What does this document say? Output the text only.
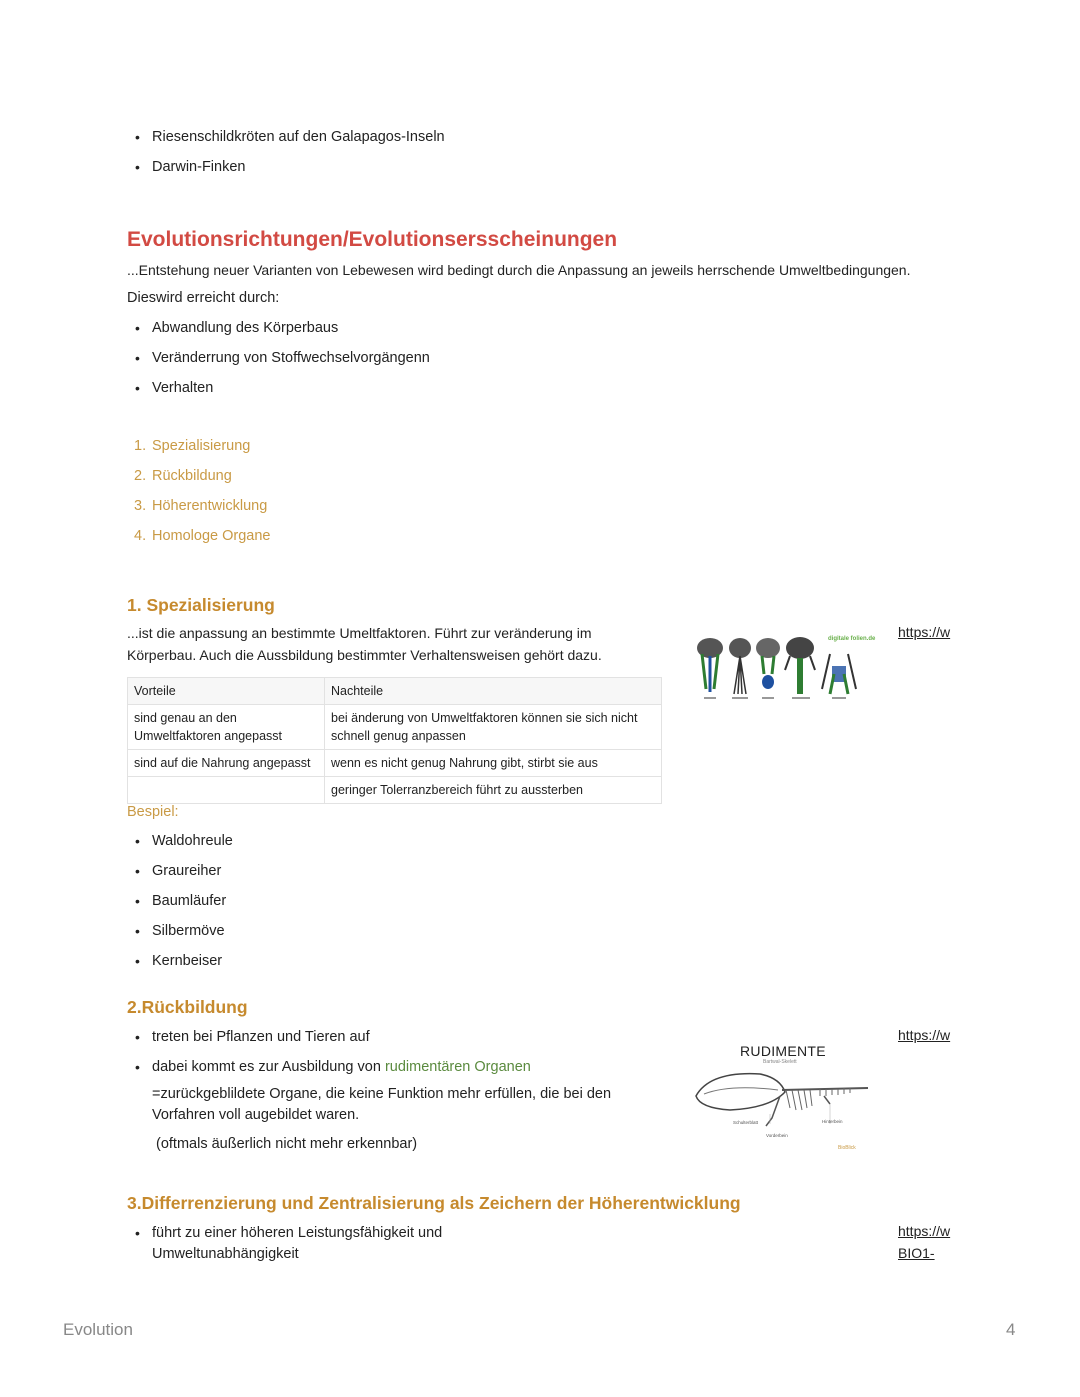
• Riesenschildkröten auf den Galapagos-Inseln
• Darwin-Finken
Evolutionsrichtungen/Evolutionsersscheinungen
...Entstehung neuer Varianten von Lebewesen wird bedingt durch die Anpassung an jeweils herrschende Umweltbedingungen.
Dieswird erreicht durch:
• Abwandlung des Körperbaus
• Veränderrung von Stoffwechselvorgängenn
• Verhalten
1. Spezialisierung
2. Rückbildung
3. Höherentwicklung
4. Homologe Organe
1. Spezialisierung
...ist die anpassung an bestimmte Umeltfaktoren. Führt zur veränderung im
Körperbau. Auch die Aussbildung bestimmter Verhaltensweisen gehört dazu.
digitale folien.de https://w
Vorteile	Nachteile
sind genau an den Umweltfaktoren angepasst	bei änderung von Umweltfaktoren können sie sich nicht schnell genug anpassen
sind auf die Nahrung angepasst	wenn es nicht genug Nahrung gibt, stirbt sie aus
	geringer Tolerranzbereich führt zu aussterben
Bespiel:
• Waldohreule
• Graureiher
• Baumläufer
• Silbermöve
• Kernbeiser
2.Rückbildung
• treten bei Pflanzen und Tieren auf
• dabei kommt es zur Ausbildung von rudimentären Organen
=zurückgeblildete Organe, die keine Funktion mehr erfüllen, die bei den
Vorfahren voll augebildet waren.
(oftmals äußerlich nicht mehr erkennbar)
RUDIMENTE
Bartwal-Skelett
Schulterblatt
Vorderbein
Hinterbein
BioBlick
https://w
3.Differrenzierung und Zentralisierung als Zeichern der Höherentwicklung
• führt zu einer höheren Leistungsfähigkeit und
Umweltunabhängigkeit
https://w
BIO1-
Evolution	4
